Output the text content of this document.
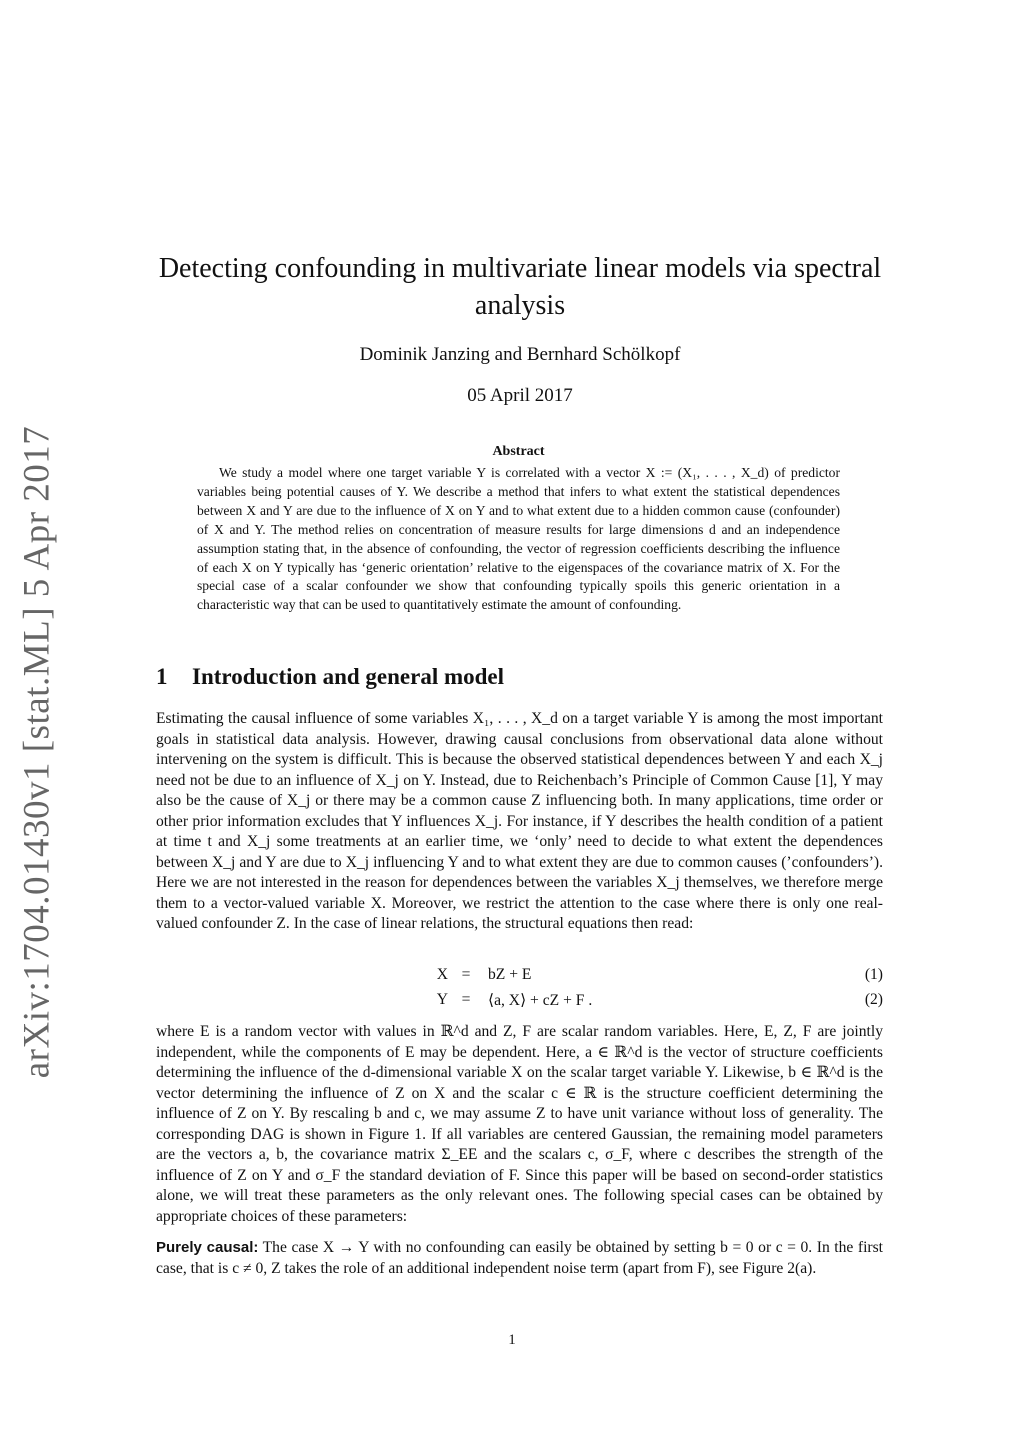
arXiv:1704.01430v1 [stat.ML] 5 Apr 2017
Detecting confounding in multivariate linear models via spectral analysis
Dominik Janzing and Bernhard Schölkopf
05 April 2017
Abstract
We study a model where one target variable Y is correlated with a vector X := (X₁, . . . , X_d) of predictor variables being potential causes of Y. We describe a method that infers to what extent the statistical dependences between X and Y are due to the influence of X on Y and to what extent due to a hidden common cause (confounder) of X and Y. The method relies on concentration of measure results for large dimensions d and an independence assumption stating that, in the absence of confounding, the vector of regression coefficients describing the influence of each X on Y typically has ‘generic orientation’ relative to the eigenspaces of the covariance matrix of X. For the special case of a scalar confounder we show that confounding typically spoils this generic orientation in a characteristic way that can be used to quantitatively estimate the amount of confounding.
1 Introduction and general model
Estimating the causal influence of some variables X₁, . . . , X_d on a target variable Y is among the most important goals in statistical data analysis. However, drawing causal conclusions from observational data alone without intervening on the system is difficult. This is because the observed statistical dependences between Y and each X_j need not be due to an influence of X_j on Y. Instead, due to Reichenbach’s Principle of Common Cause [1], Y may also be the cause of X_j or there may be a common cause Z influencing both. In many applications, time order or other prior information excludes that Y influences X_j. For instance, if Y describes the health condition of a patient at time t and X_j some treatments at an earlier time, we ‘only’ need to decide to what extent the dependences between X_j and Y are due to X_j influencing Y and to what extent they are due to common causes (’confounders’). Here we are not interested in the reason for dependences between the variables X_j themselves, we therefore merge them to a vector-valued variable X. Moreover, we restrict the attention to the case where there is only one real-valued confounder Z. In the case of linear relations, the structural equations then read:
X =	bZ + E	(1)
Y =	⟨a, X⟩ + cZ + F .	(2)
where E is a random vector with values in ℝ^d and Z, F are scalar random variables. Here, E, Z, F are jointly independent, while the components of E may be dependent. Here, a ∈ ℝ^d is the vector of structure coefficients determining the influence of the d-dimensional variable X on the scalar target variable Y. Likewise, b ∈ ℝ^d is the vector determining the influence of Z on X and the scalar c ∈ ℝ is the structure coefficient determining the influence of Z on Y. By rescaling b and c, we may assume Z to have unit variance without loss of generality. The corresponding DAG is shown in Figure 1. If all variables are centered Gaussian, the remaining model parameters are the vectors a, b, the covariance matrix Σ_EE and the scalars c, σ_F, where c describes the strength of the influence of Z on Y and σ_F the standard deviation of F. Since this paper will be based on second-order statistics alone, we will treat these parameters as the only relevant ones. The following special cases can be obtained by appropriate choices of these parameters:
Purely causal: The case X → Y with no confounding can easily be obtained by setting b = 0 or c = 0. In the first case, that is c ≠ 0, Z takes the role of an additional independent noise term (apart from F), see Figure 2(a).
1
